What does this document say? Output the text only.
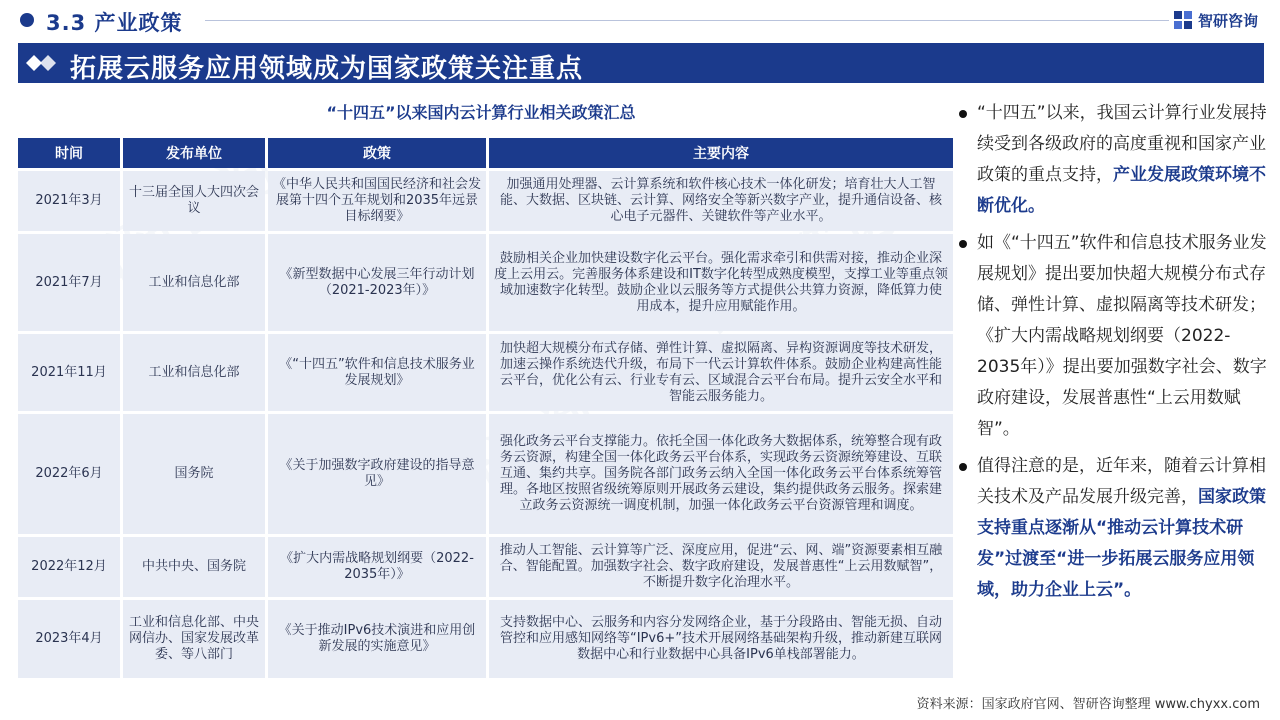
3.3 产业政策	智研咨询
拓展云服务应用领域成为国家政策关注重点
“十四五”以来国内云计算行业相关政策汇总
时间	发布单位	政策	主要内容
2021年3月	十三届全国人大四次会议	《中华人民共和国国民经济和社会发展第十四个五年规划和2035年远景目标纲要》	加强通用处理器、云计算系统和软件核心技术一体化研发；培育壮大人工智能、大数据、区块链、云计算、网络安全等新兴数字产业，提升通信设备、核心电子元器件、关键软件等产业水平。
2021年7月	工业和信息化部	《新型数据中心发展三年行动计划（2021-2023年）》	鼓励相关企业加快建设数字化云平台。强化需求牵引和供需对接，推动企业深度上云用云。完善服务体系建设和IT数字化转型成熟度模型，支撑工业等重点领域加速数字化转型。鼓励企业以云服务等方式提供公共算力资源，降低算力使用成本，提升应用赋能作用。
2021年11月	工业和信息化部	《“十四五”软件和信息技术服务业发展规划》	加快超大规模分布式存储、弹性计算、虚拟隔离、异构资源调度等技术研发，加速云操作系统迭代升级，布局下一代云计算软件体系。鼓励企业构建高性能云平台，优化公有云、行业专有云、区域混合云平台布局。提升云安全水平和智能云服务能力。
2022年6月	国务院	《关于加强数字政府建设的指导意见》	强化政务云平台支撑能力。依托全国一体化政务大数据体系，统筹整合现有政务云资源，构建全国一体化政务云平台体系，实现政务云资源统筹建设、互联互通、集约共享。国务院各部门政务云纳入全国一体化政务云平台体系统筹管理。各地区按照省级统筹原则开展政务云建设，集约提供政务云服务。探索建立政务云资源统一调度机制，加强一体化政务云平台资源管理和调度。
2022年12月	中共中央、国务院	《扩大内需战略规划纲要（2022-2035年）》	推动人工智能、云计算等广泛、深度应用，促进“云、网、端”资源要素相互融合、智能配置。加强数字社会、数字政府建设，发展普惠性“上云用数赋智”，不断提升数字化治理水平。
2023年4月	工业和信息化部、中央网信办、国家发展改革委、等八部门	《关于推动IPv6技术演进和应用创新发展的实施意见》	支持数据中心、云服务和内容分发网络企业，基于分段路由、智能无损、自动管控和应用感知网络等“IPv6+”技术开展网络基础架构升级，推动新建互联网数据中心和行业数据中心具备IPv6单栈部署能力。
“十四五”以来，我国云计算行业发展持续受到各级政府的高度重视和国家产业政策的重点支持，产业发展政策环境不断优化。
如《“十四五”软件和信息技术服务业发展规划》提出要加快超大规模分布式存储、弹性计算、虚拟隔离等技术研发；《扩大内需战略规划纲要（2022-2035年）》提出要加强数字社会、数字政府建设，发展普惠性“上云用数赋智”。
值得注意的是，近年来，随着云计算相关技术及产品发展升级完善，国家政策支持重点逐渐从“推动云计算技术研发”过渡至“进一步拓展云服务应用领域，助力企业上云”。
资料来源：国家政府官网、智研咨询整理 www.chyxx.com
